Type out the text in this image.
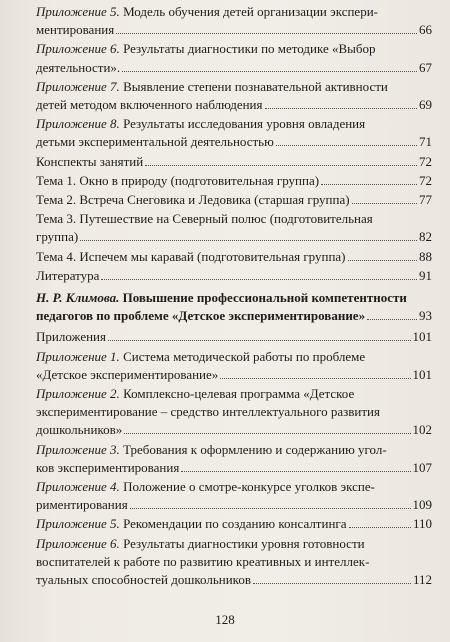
Приложение 5. Модель обучения детей организации экспери-

ментирования	66

Приложение 6. Результаты диагностики по методике «Выбор

деятельности».	67

Приложение 7. Выявление степени познавательной активности

детей методом включенного наблюдения	69

Приложение 8. Результаты исследования уровня овладения

детьми экспериментальной деятельностью	71
Конспекты занятий	72
Тема 1. Окно в природу (подготовительная группа)	72
Тема 2. Встреча Снеговика и Ледовика (старшая группа)	77

Тема 3. Путешествие на Северный полюс (подготовительная

группа)	82
Тема 4. Испечем мы каравай (подготовительная группа)	88
Литература	91

Н. Р. Климова. Повышение профессиональной компетентности

педагогов по проблеме «Детское экспериментирование»	93
Приложения	101

Приложение 1. Система методической работы по проблеме

«Детское экспериментирование»	101

Приложение 2. Комплексно-целевая программа «Детское

экспериментирование – средство интеллектуального развития

дошкольников»	102

Приложение 3. Требования к оформлению и содержанию угол-

ков экспериментирования	107

Приложение 4. Положение о смотре-конкурсе уголков экспе-

риментирования	109
Приложение 5. Рекомендации по созданию консалтинга	110

Приложение 6. Результаты диагностики уровня готовности

воспитателей к работе по развитию креативных и интеллек-

туальных способностей дошкольников	112
128
